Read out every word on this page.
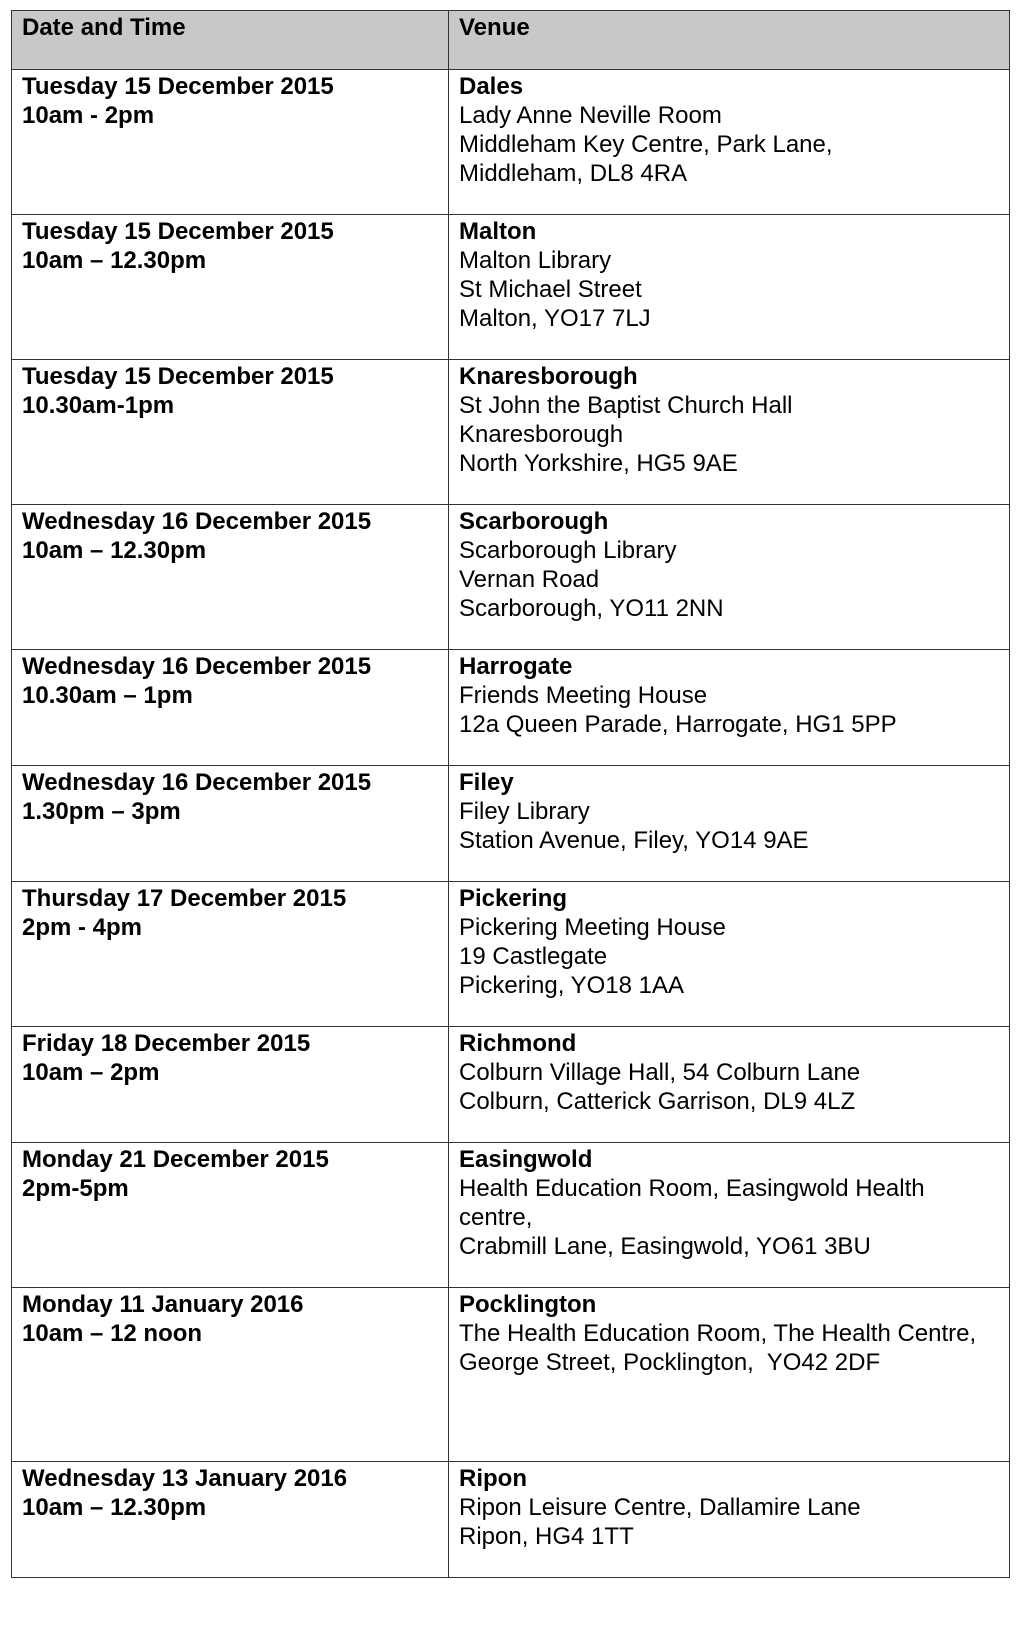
Date and Time	Venue

Tuesday 15 December 2015
10am - 2pm	Dales
Lady Anne Neville Room
Middleham Key Centre, Park Lane,
Middleham, DL8 4RA

Tuesday 15 December 2015
10am – 12.30pm	Malton
Malton Library
St Michael Street
Malton, YO17 7LJ

Tuesday 15 December 2015
10.30am-1pm	Knaresborough
St John the Baptist Church Hall
Knaresborough
North Yorkshire, HG5 9AE

Wednesday 16 December 2015
10am – 12.30pm	Scarborough
Scarborough Library
Vernan Road
Scarborough, YO11 2NN

Wednesday 16 December 2015
10.30am – 1pm	Harrogate
Friends Meeting House
12a Queen Parade, Harrogate, HG1 5PP

Wednesday 16 December 2015
1.30pm – 3pm	Filey
Filey Library
Station Avenue, Filey, YO14 9AE

Thursday 17 December 2015
2pm - 4pm	Pickering
Pickering Meeting House
19 Castlegate
Pickering, YO18 1AA

Friday 18 December 2015
10am – 2pm	Richmond
Colburn Village Hall, 54 Colburn Lane
Colburn, Catterick Garrison, DL9 4LZ

Monday 21 December 2015
2pm-5pm	Easingwold
Health Education Room, Easingwold Health centre,
Crabmill Lane, Easingwold, YO61 3BU

Monday 11 January 2016
10am – 12 noon	Pocklington
The Health Education Room, The Health Centre,
George Street, Pocklington,  YO42 2DF

Wednesday 13 January 2016
10am – 12.30pm	Ripon
Ripon Leisure Centre, Dallamire Lane
Ripon, HG4 1TT
